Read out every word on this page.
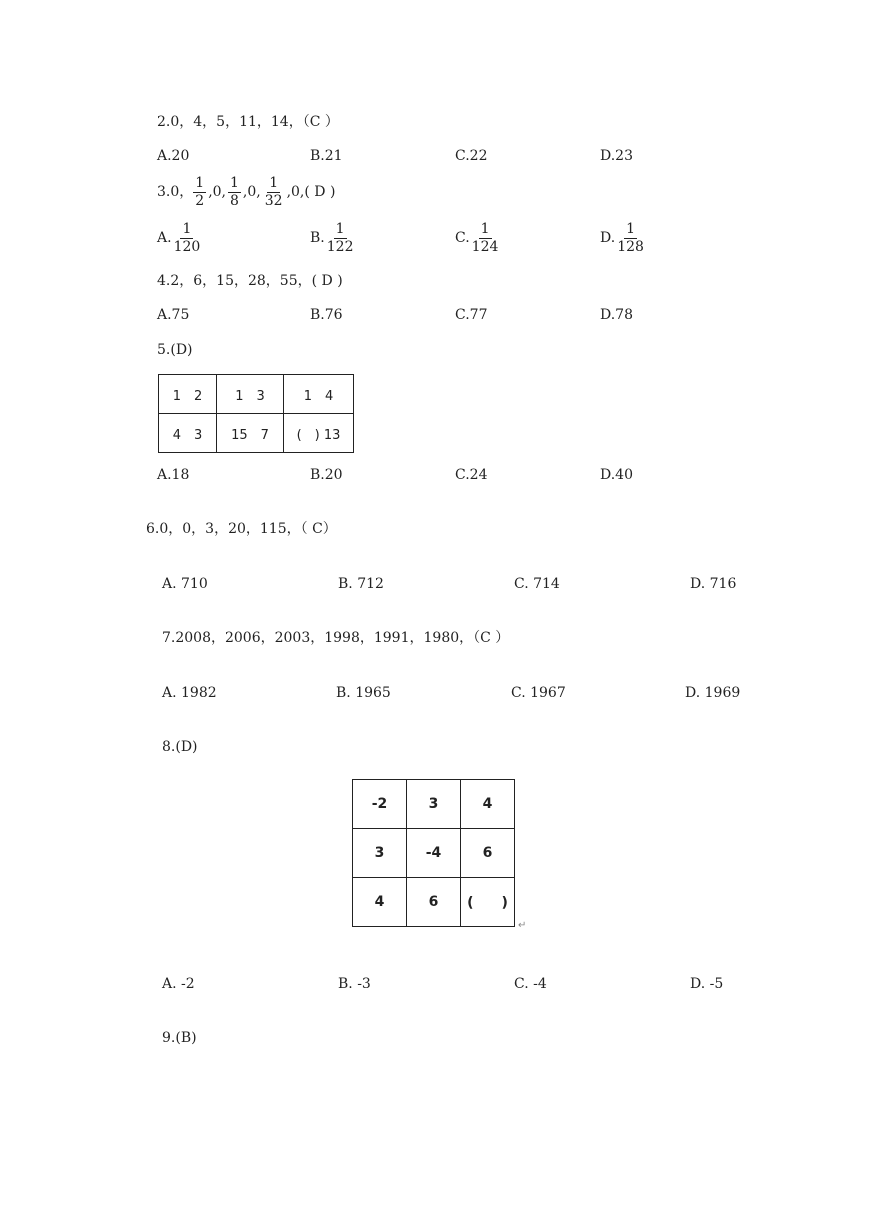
2.0，4，5，11，14，（C ）
A.20	B.21	C.22	D.23
3.0， $\frac{1}{2} ,0$, $\frac{1}{8} ,0$, $\frac{1}{32} ,0$,( D )
A. $\frac{1}{120}$	B. $\frac{1}{122}$	C. $\frac{1}{124}$	D. $\frac{1}{128}$
4.2，6，15，28，55，( D )
A.75	B.76	C.77	D.78
5.(D)
1　2	1　3	1　4
4　3	15　7	(　) 13
A.18	B.20	C.24	D.40
6.0，0，3，20，115，（ C）
A. 710	B. 712	C. 714	D. 716
7.2008，2006，2003，1998，1991，1980，（C ）
A. 1982	B. 1965	C. 1967	D. 1969
8.(D)
-2	3	4
3	-4	6
4	6	(　　)
↵
A. -2	B. -3	C. -4	D. -5
9.(B)
